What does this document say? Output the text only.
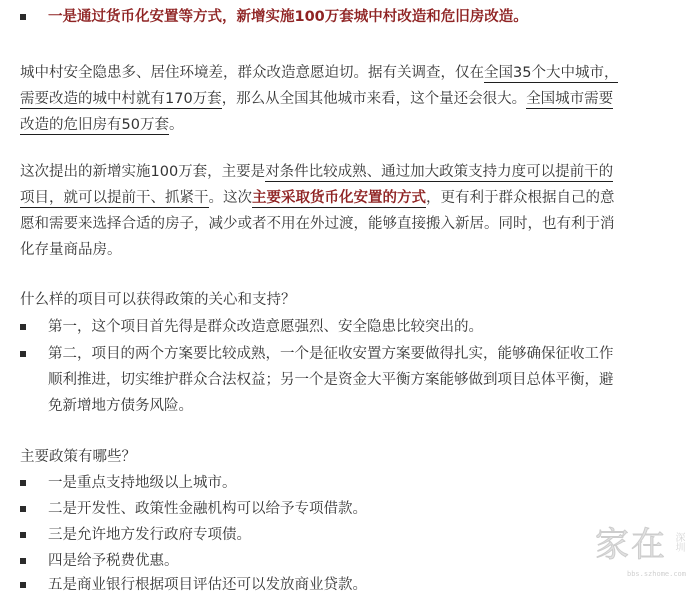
一是通过货币化安置等方式，新增实施100万套城中村改造和危旧房改造。
城中村安全隐患多、居住环境差，群众改造意愿迫切。据有关调查，仅在全国35个大中城市，
需要改造的城中村就有170万套，那么从全国其他城市来看，这个量还会很大。全国城市需要
改造的危旧房有50万套。
这次提出的新增实施100万套，主要是对条件比较成熟、通过加大政策支持力度可以提前干的
项目，就可以提前干、抓紧干。这次主要采取货币化安置的方式，更有利于群众根据自己的意
愿和需要来选择合适的房子，减少或者不用在外过渡，能够直接搬入新居。同时，也有利于消
化存量商品房。
什么样的项目可以获得政策的关心和支持？
第一，这个项目首先得是群众改造意愿强烈、安全隐患比较突出的。
第二，项目的两个方案要比较成熟，一个是征收安置方案要做得扎实，能够确保征收工作
顺利推进，切实维护群众合法权益；另一个是资金大平衡方案能够做到项目总体平衡，避
免新增地方债务风险。
主要政策有哪些？
一是重点支持地级以上城市。
二是开发性、政策性金融机构可以给予专项借款。
三是允许地方发行政府专项债。
四是给予税费优惠。
五是商业银行根据项目评估还可以发放商业贷款。
家在 深圳
bbs.szhome.com
